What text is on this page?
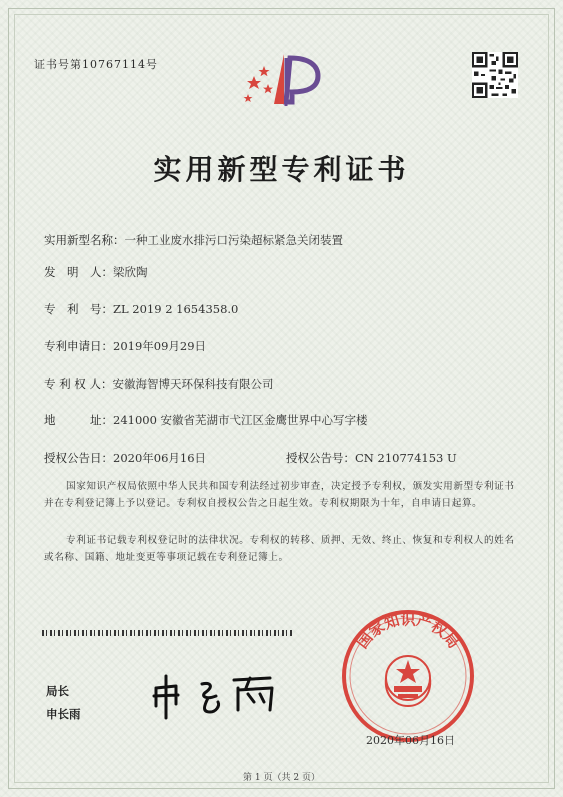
证书号第10767114号
实用新型专利证书
实用新型名称：一种工业废水排污口污染超标紧急关闭装置
发　明　人：梁欣陶
专　利　号：ZL 2019 2 1654358.0
专利申请日：2019年09月29日
专 利 权 人：安徽海智博天环保科技有限公司
地　　　址：241000 安徽省芜湖市弋江区金鹰世界中心写字楼
授权公告日：2020年06月16日	授权公告号：CN 210774153 U
国家知识产权局依照中华人民共和国专利法经过初步审查，决定授予专利权，颁发实用新型专利证书并在专利登记簿上予以登记。专利权自授权公告之日起生效。专利权期限为十年，自申请日起算。
专利证书记载专利权登记时的法律状况。专利权的转移、质押、无效、终止、恢复和专利权人的姓名或名称、国籍、地址变更等事项记载在专利登记簿上。
局长
申长雨
国家知识产权局
2020年06月16日
第 1 页（共 2 页）
